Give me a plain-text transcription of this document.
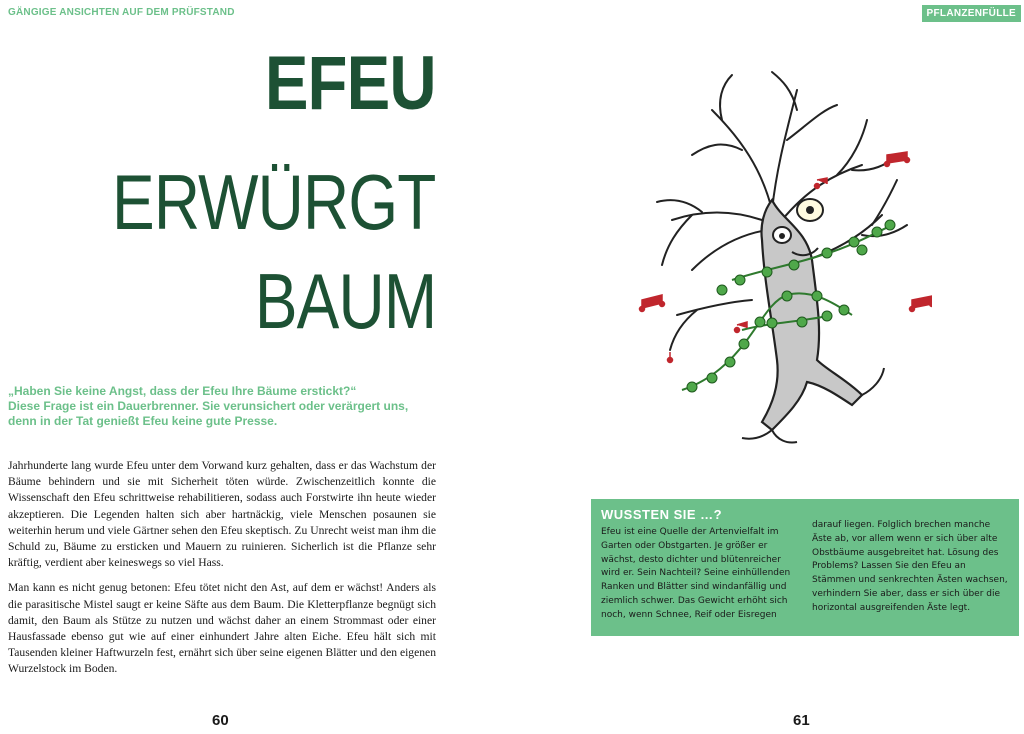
GÄNGIGE ANSICHTEN AUF DEM PRÜFSTAND
EFEU
ERWÜRGT
BAUM

„Haben Sie keine Angst, dass der Efeu Ihre Bäume erstickt?“

Diese Frage ist ein Dauerbrenner. Sie verunsichert oder verärgert uns, denn in der Tat genießt Efeu keine gute Presse.

Jahrhunderte lang wurde Efeu unter dem Vorwand kurz gehalten, dass er das Wachstum der Bäume behindern und sie mit Sicherheit töten würde. Zwischenzeitlich konnte die Wissenschaft den Efeu schrittweise rehabilitieren, sodass auch Forstwirte ihn heute wieder akzeptieren. Die Legenden halten sich aber hartnäckig, viele Menschen posaunen sie weiterhin herum und viele Gärtner sehen den Efeu skeptisch. Zu Unrecht weist man ihm die Schuld zu, Bäume zu ersticken und Mauern zu ruinieren. Sicherlich ist die Pflanze sehr kräftig, verdient aber keineswegs so viel Hass.

Man kann es nicht genug betonen: Efeu tötet nicht den Ast, auf dem er wächst! Anders als die parasitische Mistel saugt er keine Säfte aus dem Baum. Die Kletterpflanze begnügt sich damit, den Baum als Stütze zu nutzen und wächst daher an einem Strommast oder einer Hausfassade ebenso gut wie auf einer einhundert Jahre alten Eiche. Efeu hält sich mit Tausenden kleiner Haftwurzeln fest, ernährt sich über seine eigenen Blätter und den eigenen Wurzelstock im Boden.

60
PFLANZENFÜLLE
WUSSTEN SIE …?
Efeu ist eine Quelle der Artenvielfalt im Garten oder Obstgarten. Je größer er wächst, desto dichter und blütenreicher wird er. Sein Nachteil? Seine einhüllenden Ranken und Blätter sind windanfällig und ziemlich schwer. Das Gewicht erhöht sich noch, wenn Schnee, Reif oder Eisregen
darauf liegen. Folglich brechen manche Äste ab, vor allem wenn er sich über alte Obstbäume ausgebreitet hat. Lösung des Problems? Lassen Sie den Efeu an Stämmen und senkrechten Ästen wachsen, verhindern Sie aber, dass er sich über die horizontal ausgreifenden Äste legt.
61
